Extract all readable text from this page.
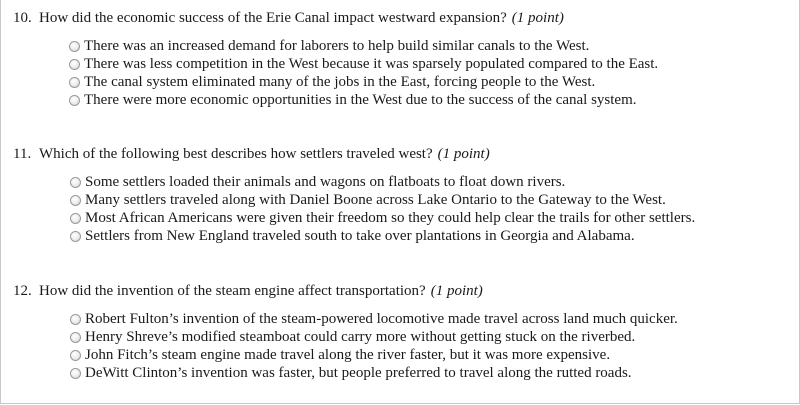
10. How did the economic success of the Erie Canal impact westward expansion? (1 point)
There was an increased demand for laborers to help build similar canals to the West.
There was less competition in the West because it was sparsely populated compared to the East.
The canal system eliminated many of the jobs in the East, forcing people to the West.
There were more economic opportunities in the West due to the success of the canal system.
11. Which of the following best describes how settlers traveled west? (1 point)
Some settlers loaded their animals and wagons on flatboats to float down rivers.
Many settlers traveled along with Daniel Boone across Lake Ontario to the Gateway to the West.
Most African Americans were given their freedom so they could help clear the trails for other settlers.
Settlers from New England traveled south to take over plantations in Georgia and Alabama.
12. How did the invention of the steam engine affect transportation? (1 point)
Robert Fulton’s invention of the steam-powered locomotive made travel across land much quicker.
Henry Shreve’s modified steamboat could carry more without getting stuck on the riverbed.
John Fitch’s steam engine made travel along the river faster, but it was more expensive.
DeWitt Clinton’s invention was faster, but people preferred to travel along the rutted roads.
